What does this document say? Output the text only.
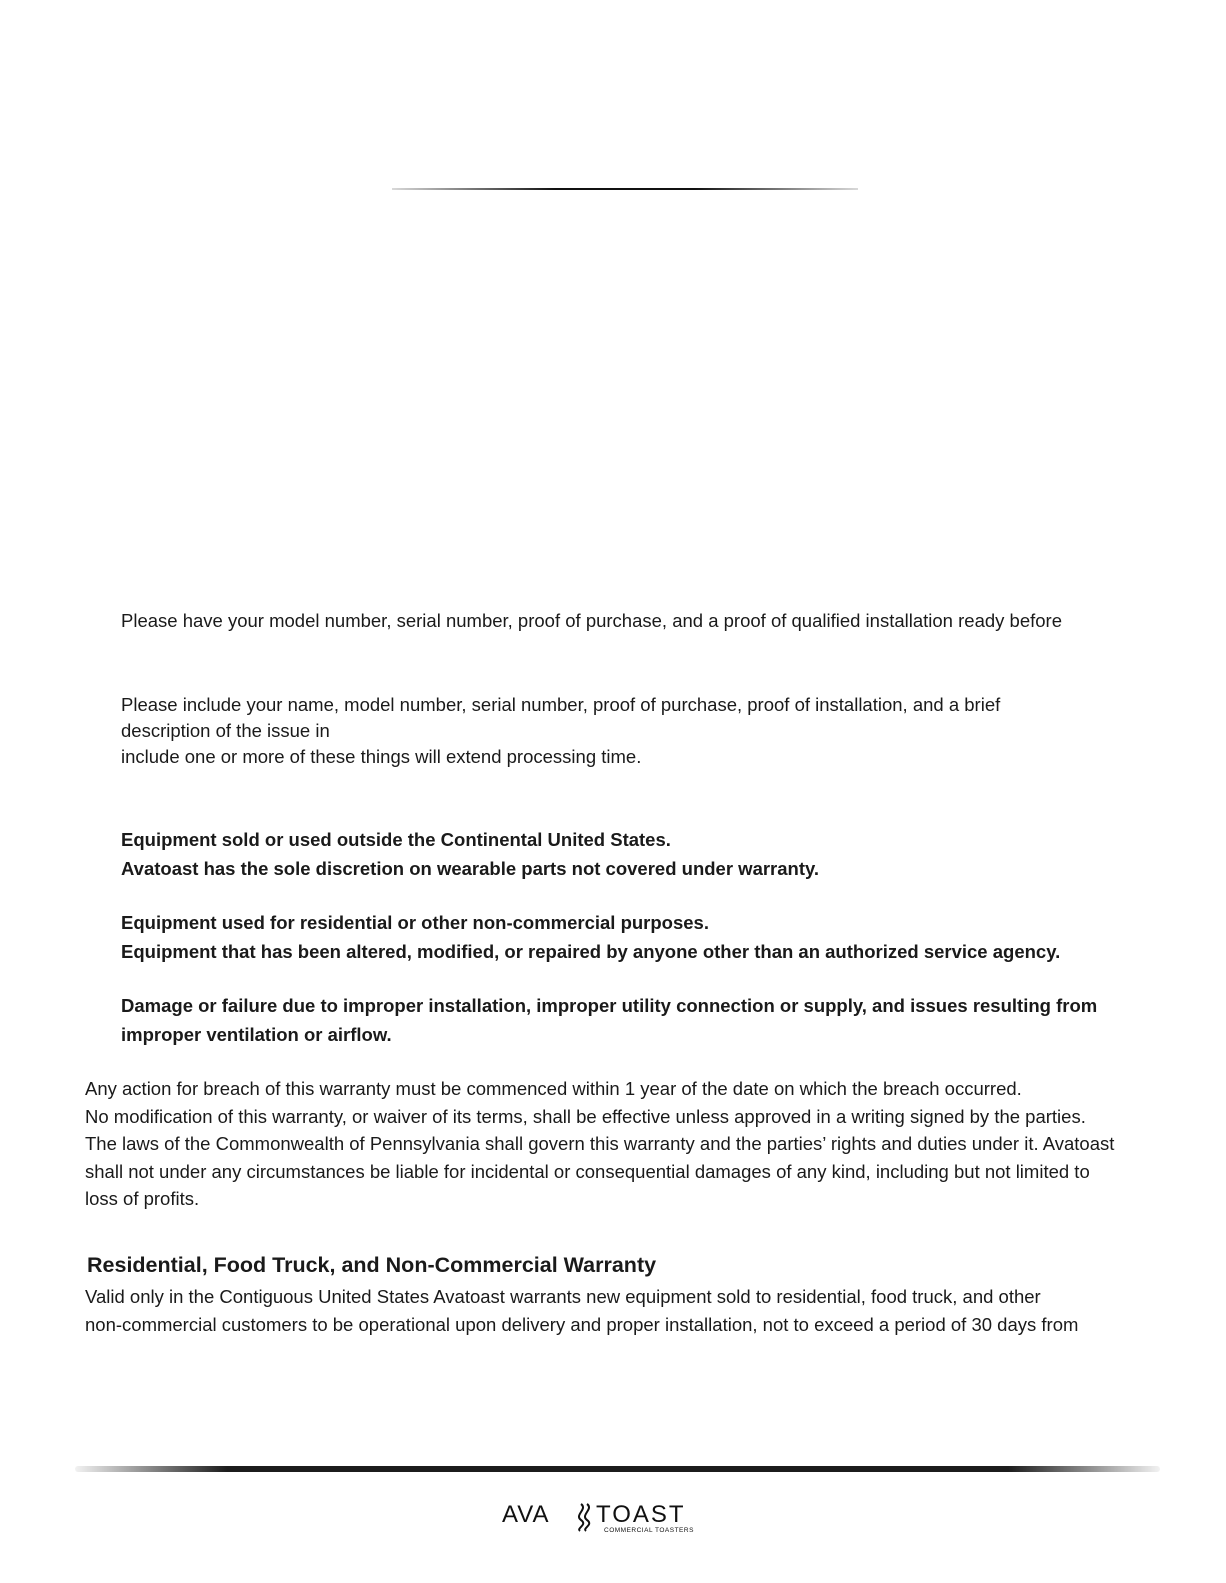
Please have your model number, serial number, proof of purchase, and a proof of qualified installation ready before
Please include your name, model number, serial number, proof of purchase, proof of installation, and a brief
description of the issue in
include one or more of these things will extend processing time.
Equipment sold or used outside the Continental United States.
Avatoast has the sole discretion on wearable parts not covered under warranty.
Equipment used for residential or other non-commercial purposes.
Equipment that has been altered, modified, or repaired by anyone other than an authorized service agency.
Damage or failure due to improper installation, improper utility connection or supply, and issues resulting from
improper ventilation or airflow.
Any action for breach of this warranty must be commenced within 1 year of the date on which the breach occurred.
No modification of this warranty, or waiver of its terms, shall be effective unless approved in a writing signed by the parties.
The laws of the Commonwealth of Pennsylvania shall govern this warranty and the parties’ rights and duties under it. Avatoast
shall not under any circumstances be liable for incidental or consequential damages of any kind, including but not limited to
loss of profits.
Residential, Food Truck, and Non-Commercial Warranty
Valid only in the Contiguous United States Avatoast warrants new equipment sold to residential, food truck, and other
non-commercial customers to be operational upon delivery and proper installation, not to exceed a period of 30 days from
AVA TOAST
COMMERCIAL TOASTERS
